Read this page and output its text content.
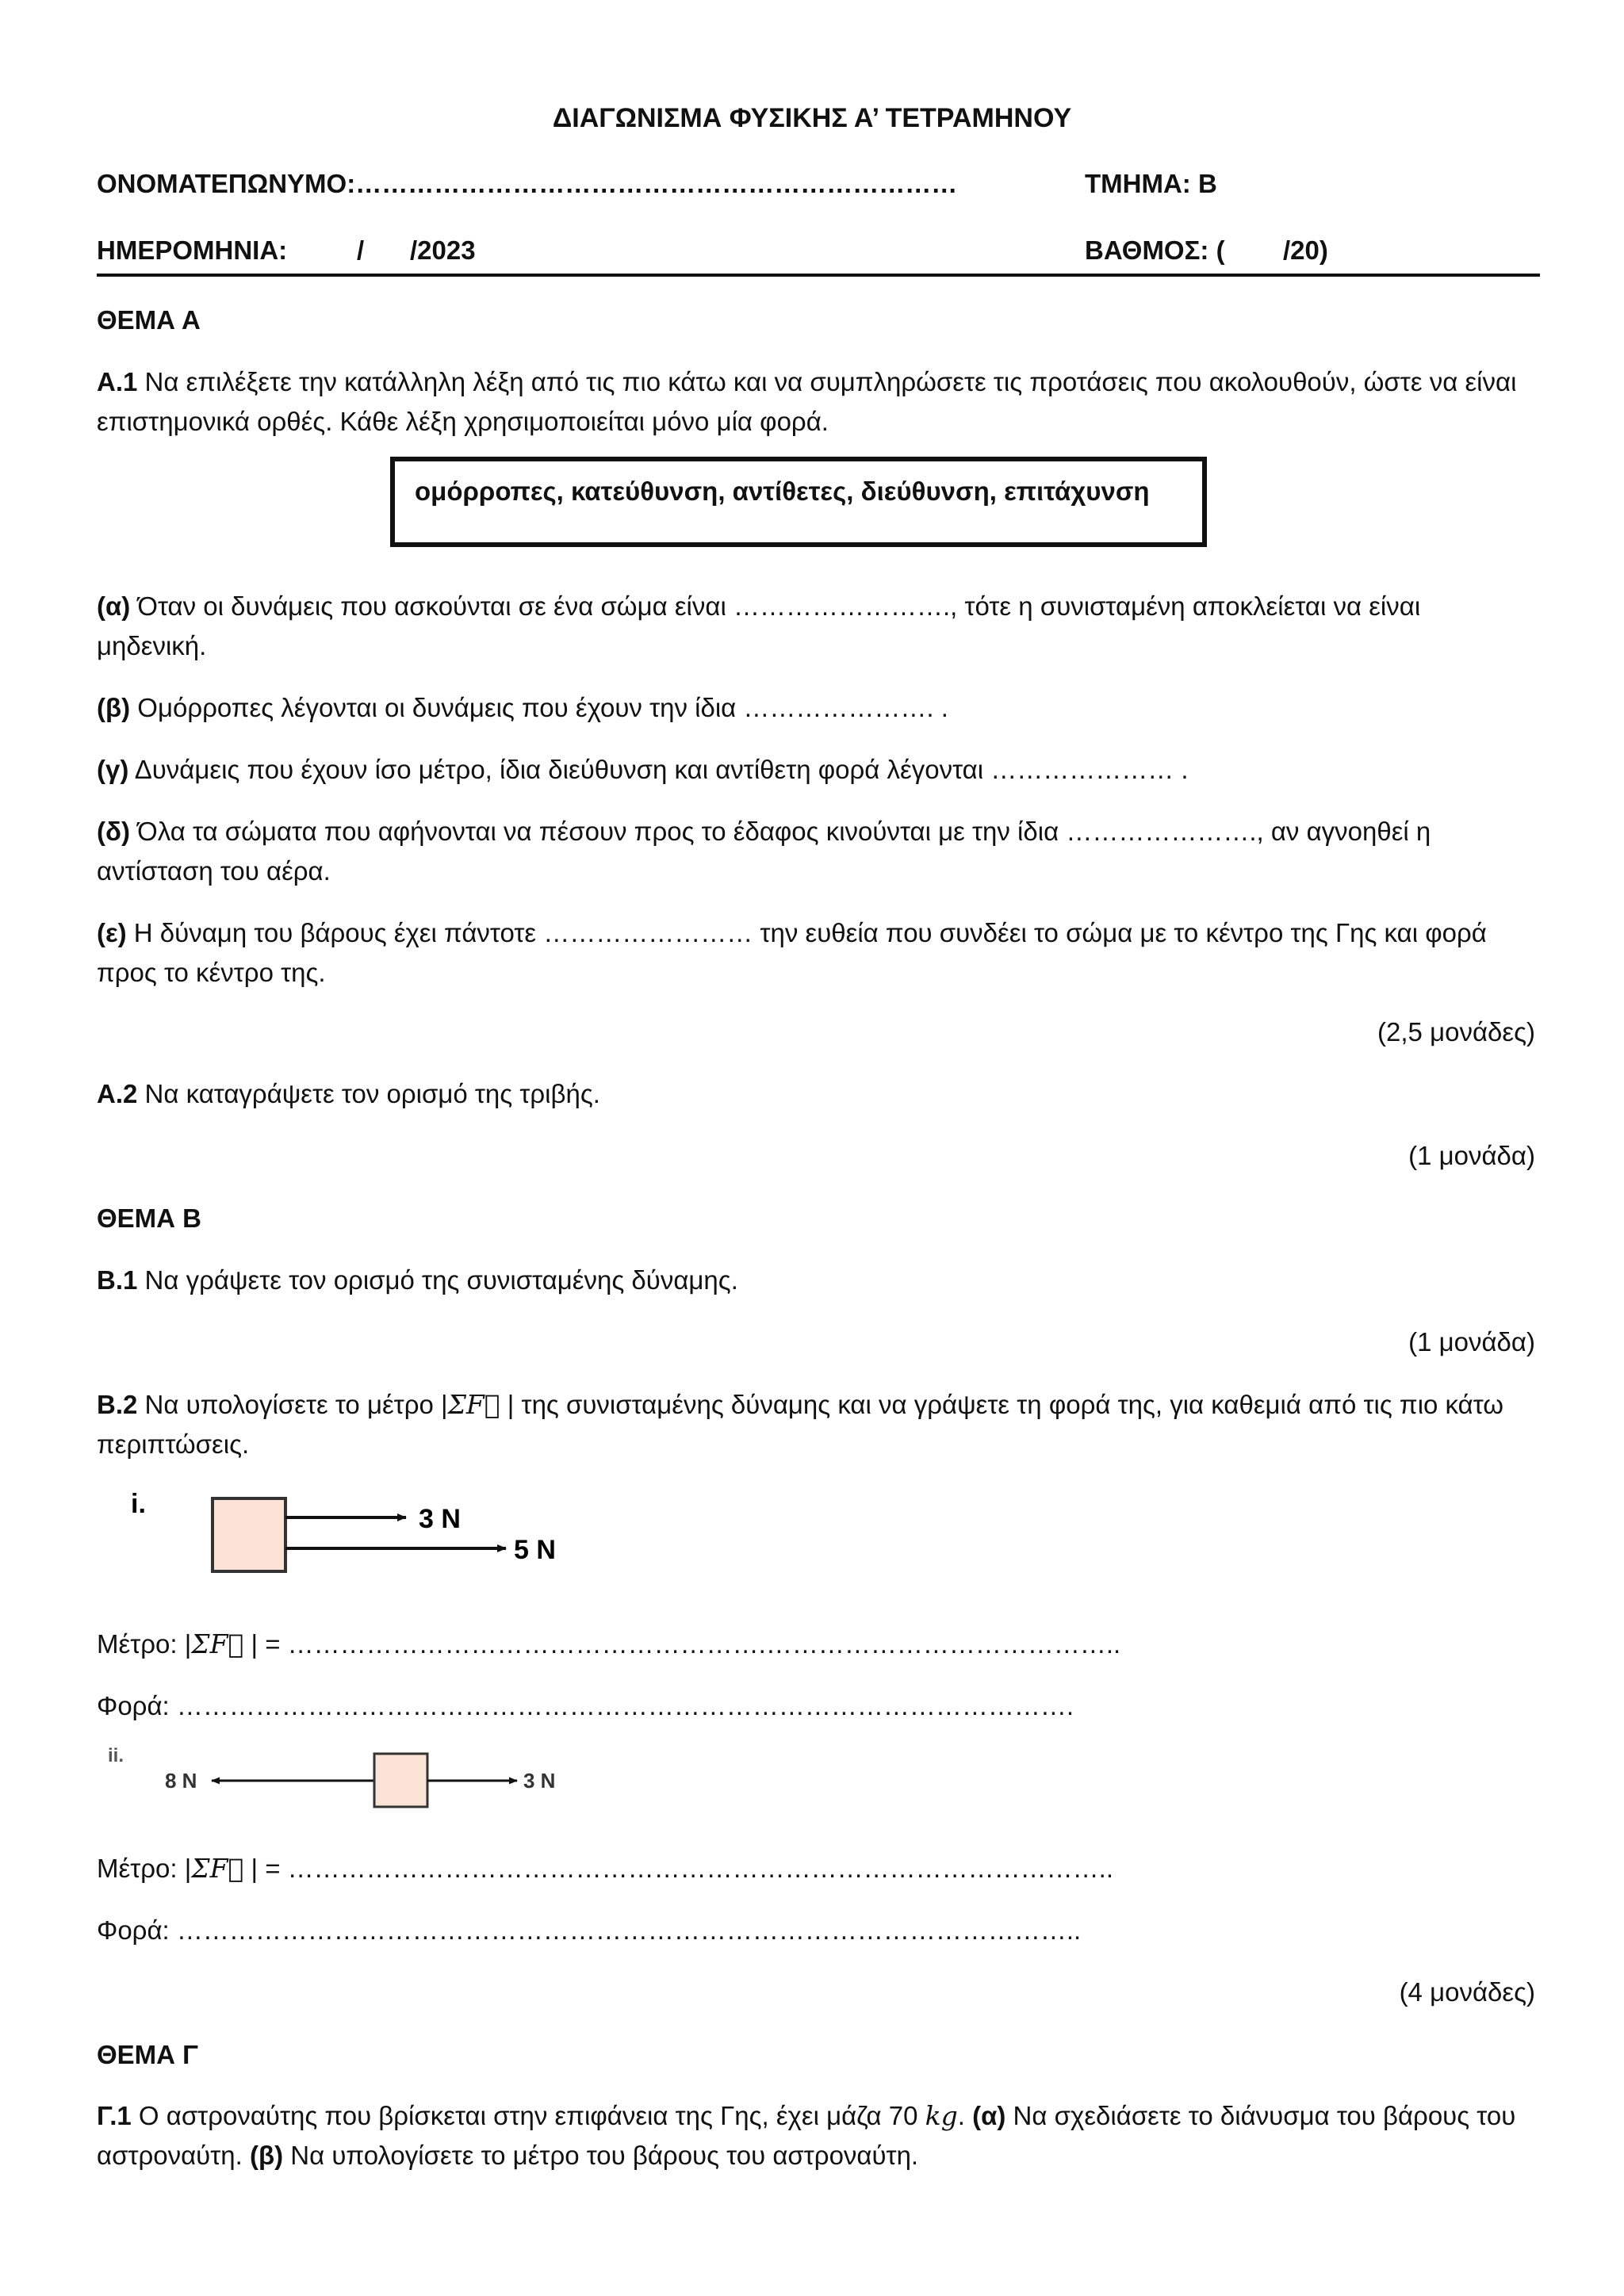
ΔΙΑΓΩΝΙΣΜΑ ΦΥΣΙΚΗΣ Α’ ΤΕΤΡΑΜΗΝΟΥ
ΟΝΟΜΑΤΕΠΩΝΥΜΟ:……………………………………………………………	ΤΜΗΜΑ: Β
ΗΜΕΡΟΜΗΝΙΑ:	/ /2023	ΒΑΘΜΟΣ: ( /20)
ΘΕΜΑ Α
Α.1 Να επιλέξετε την κατάλληλη λέξη από τις πιο κάτω και να συμπληρώσετε τις προτάσεις που ακολουθούν, ώστε να είναι επιστημονικά ορθές. Κάθε λέξη χρησιμοποιείται μόνο μία φορά.
ομόρροπες, κατεύθυνση, αντίθετες, διεύθυνση, επιτάχυνση
(α) Όταν οι δυνάμεις που ασκούνται σε ένα σώμα είναι ……………………., τότε η συνισταμένη αποκλείεται να είναι μηδενική.
(β) Ομόρροπες λέγονται οι δυνάμεις που έχουν την ίδια …………………. .
(γ) Δυνάμεις που έχουν ίσο μέτρο, ίδια διεύθυνση και αντίθετη φορά λέγονται ………………… .
(δ) Όλα τα σώματα που αφήνονται να πέσουν προς το έδαφος κινούνται με την ίδια …………………., αν αγνοηθεί η αντίσταση του αέρα.
(ε) Η δύναμη του βάρους έχει πάντοτε …………………… την ευθεία που συνδέει το σώμα με το κέντρο της Γης και φορά προς το κέντρο της.
(2,5 μονάδες)
Α.2 Να καταγράψετε τον ορισμό της τριβής.
(1 μονάδα)
ΘΕΜΑ Β
Β.1 Να γράψετε τον ορισμό της συνισταμένης δύναμης.
(1 μονάδα)
Β.2 Να υπολογίσετε το μέτρο |ΣF⃗ | της συνισταμένης δύναμης και να γράψετε τη φορά της, για καθεμιά από τις πιο κάτω περιπτώσεις.
i.	3 N
5 N
Μέτρο: |ΣF⃗ | = ……………………………………………….…………………………………..
Φορά: ………………………………………………………………………………………….
ii.
8 N	3 N
Μέτρο: |ΣF⃗ | = …………………………………………………………………………………..
Φορά: …………………………………………………………………………………………..
(4 μονάδες)
ΘΕΜΑ Γ
Γ.1 Ο αστροναύτης που βρίσκεται στην επιφάνεια της Γης, έχει μάζα 70 kg. (α) Να σχεδιάσετε το διάνυσμα του βάρους του αστροναύτη. (β) Να υπολογίσετε το μέτρο του βάρους του αστροναύτη.
